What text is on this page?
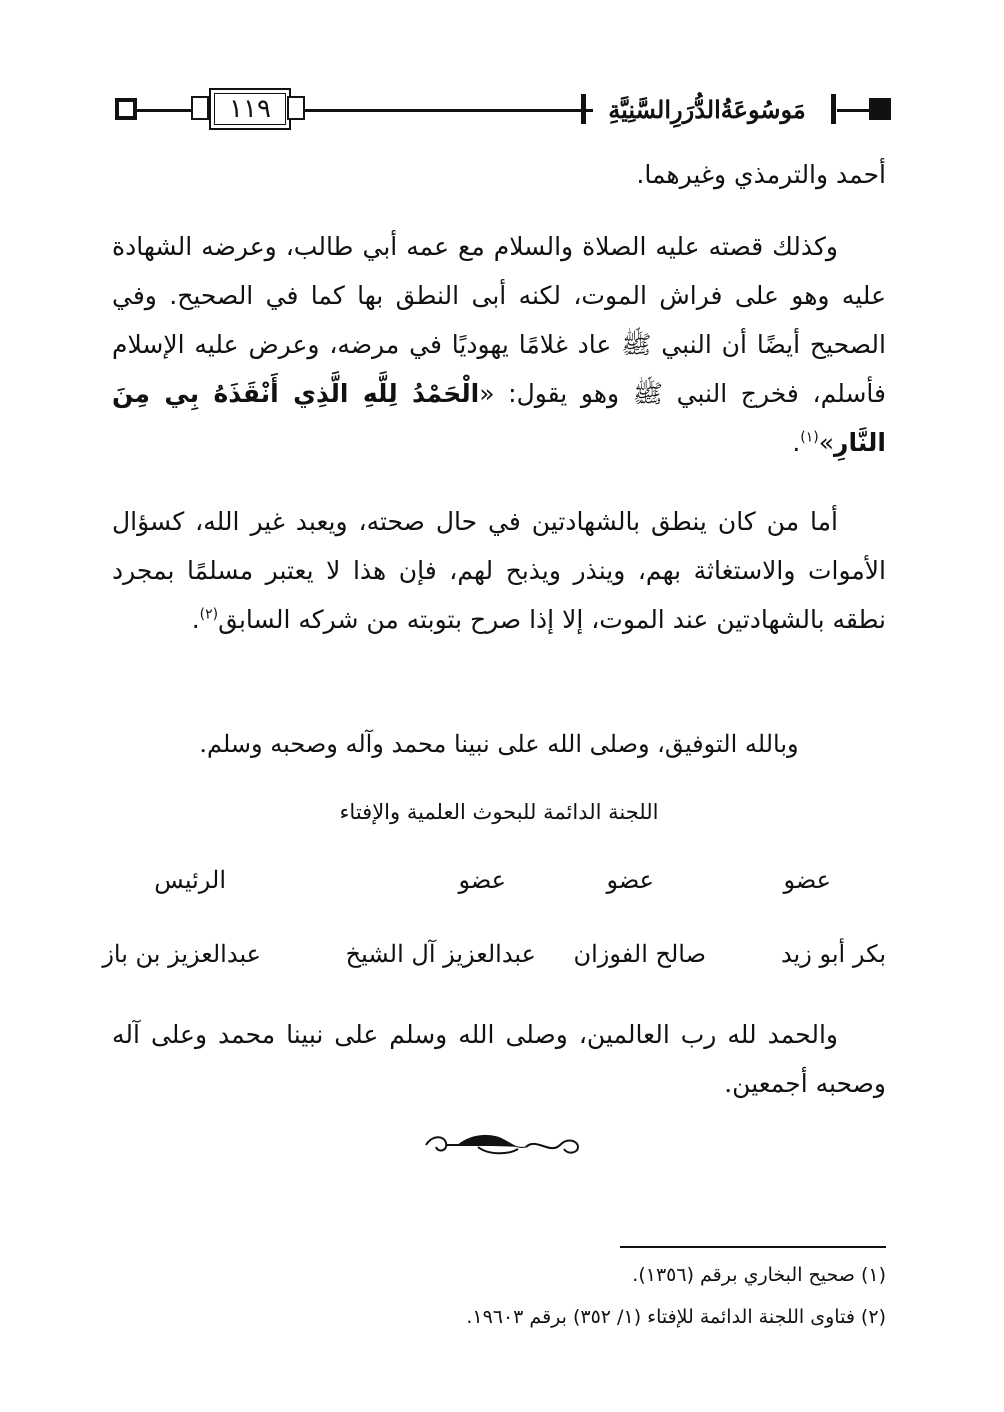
١١٩	مَوسُوعَةُالدُّرَرِالسَّنِيَّةِ

أحمد والترمذي وغيرهما.

وكذلك قصته عليه الصلاة والسلام مع عمه أبي طالب، وعرضه الشهادة عليه وهو على فراش الموت، لكنه أبى النطق بها كما في الصحيح. وفي الصحيح أيضًا أن النبي ﷺ عاد غلامًا يهوديًا في مرضه، وعرض عليه الإسلام فأسلم، فخرج النبي ﷺ وهو يقول: «الْحَمْدُ لِلَّهِ الَّذِي أَنْقَذَهُ بِي مِنَ النَّارِ»$^{(١)}$.

أما من كان ينطق بالشهادتين في حال صحته، ويعبد غير الله، كسؤال الأموات والاستغاثة بهم، وينذر ويذبح لهم، فإن هذا لا يعتبر مسلمًا بمجرد نطقه بالشهادتين عند الموت، إلا إذا صرح بتوبته من شركه السابق$^{(٢)}$.

وبالله التوفيق، وصلى الله على نبينا محمد وآله وصحبه وسلم.
اللجنة الدائمة للبحوث العلمية والإفتاء
عضو
عضو
عضو
الرئيس
بكر أبو زيد
صالح الفوزان
عبدالعزيز آل الشيخ
عبدالعزيز بن باز

والحمد لله رب العالمين، وصلى الله وسلم على نبينا محمد وعلى آله وصحبه أجمعين.

(١) صحيح البخاري برقم (١٣٥٦).
(٢) فتاوى اللجنة الدائمة للإفتاء (١/ ٣٥٢) برقم ١٩٦٠٣.
